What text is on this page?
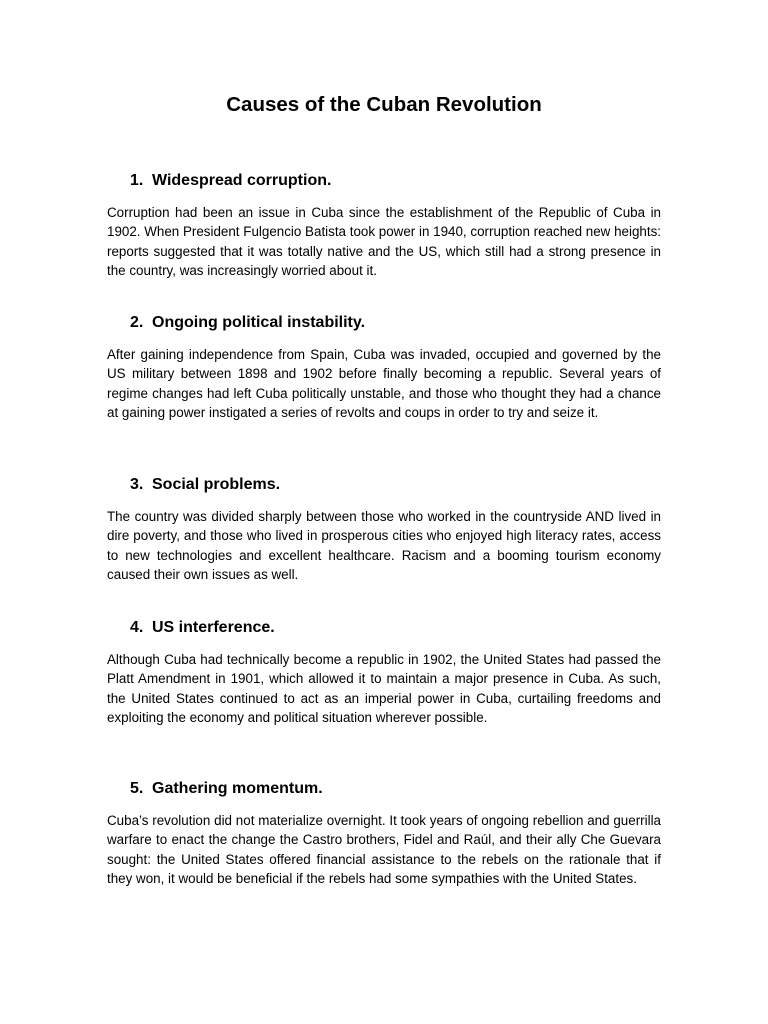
Causes of the Cuban Revolution
1. Widespread corruption.

Corruption had been an issue in Cuba since the establishment of the Republic of Cuba in 1902. When President Fulgencio Batista took power in 1940, corruption reached new heights: reports suggested that it was totally native and the US, which still had a strong presence in the country, was increasingly worried about it.

2. Ongoing political instability.

After gaining independence from Spain, Cuba was invaded, occupied and governed by the US military between 1898 and 1902 before finally becoming a republic. Several years of regime changes had left Cuba politically unstable, and those who thought they had a chance at gaining power instigated a series of revolts and coups in order to try and seize it.

3. Social problems.

The country was divided sharply between those who worked in the countryside AND lived in dire poverty, and those who lived in prosperous cities who enjoyed high literacy rates, access to new technologies and excellent healthcare. Racism and a booming tourism economy caused their own issues as well.

4. US interference.

Although Cuba had technically become a republic in 1902, the United States had passed the Platt Amendment in 1901, which allowed it to maintain a major presence in Cuba. As such, the United States continued to act as an imperial power in Cuba, curtailing freedoms and exploiting the economy and political situation wherever possible.

5. Gathering momentum.

Cuba’s revolution did not materialize overnight. It took years of ongoing rebellion and guerrilla warfare to enact the change the Castro brothers, Fidel and Raúl, and their ally Che Guevara sought: the United States offered financial assistance to the rebels on the rationale that if they won, it would be beneficial if the rebels had some sympathies with the United States.
